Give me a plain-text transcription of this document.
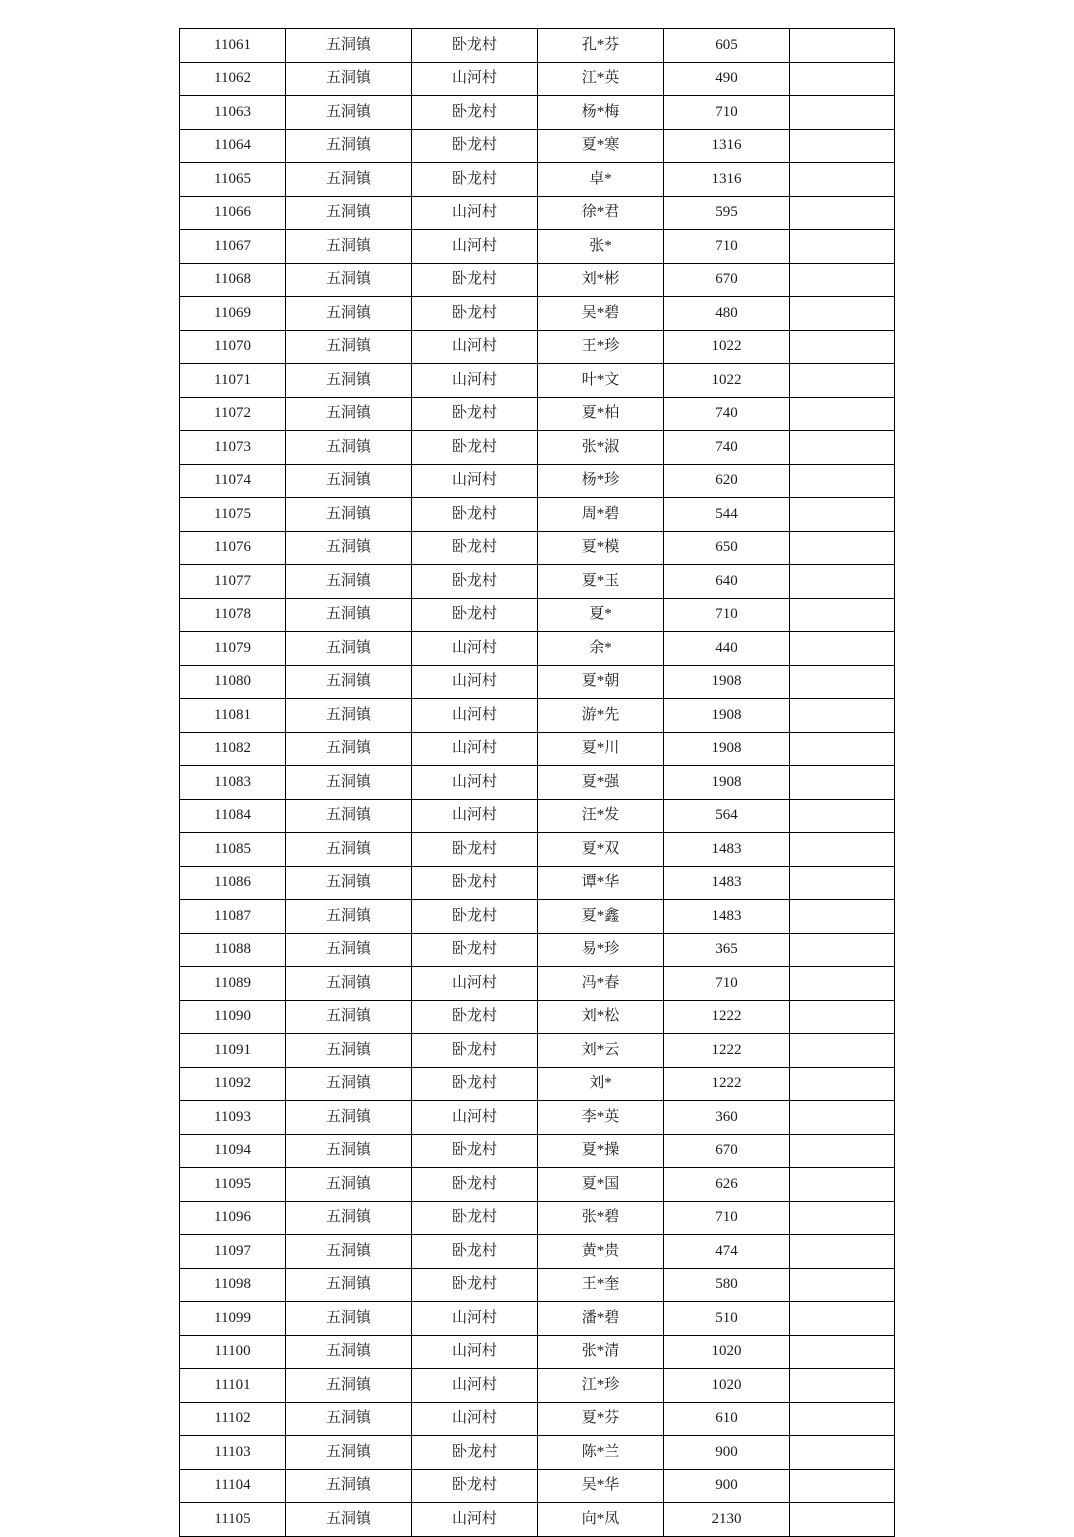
11061	五洞镇	卧龙村	孔*芬	605	
11062	五洞镇	山河村	江*英	490	
11063	五洞镇	卧龙村	杨*梅	710	
11064	五洞镇	卧龙村	夏*寒	1316	
11065	五洞镇	卧龙村	卓*	1316	
11066	五洞镇	山河村	徐*君	595	
11067	五洞镇	山河村	张*	710	
11068	五洞镇	卧龙村	刘*彬	670	
11069	五洞镇	卧龙村	吴*碧	480	
11070	五洞镇	山河村	王*珍	1022	
11071	五洞镇	山河村	叶*文	1022	
11072	五洞镇	卧龙村	夏*柏	740	
11073	五洞镇	卧龙村	张*淑	740	
11074	五洞镇	山河村	杨*珍	620	
11075	五洞镇	卧龙村	周*碧	544	
11076	五洞镇	卧龙村	夏*模	650	
11077	五洞镇	卧龙村	夏*玉	640	
11078	五洞镇	卧龙村	夏*	710	
11079	五洞镇	山河村	余*	440	
11080	五洞镇	山河村	夏*朝	1908	
11081	五洞镇	山河村	游*先	1908	
11082	五洞镇	山河村	夏*川	1908	
11083	五洞镇	山河村	夏*强	1908	
11084	五洞镇	山河村	汪*发	564	
11085	五洞镇	卧龙村	夏*双	1483	
11086	五洞镇	卧龙村	谭*华	1483	
11087	五洞镇	卧龙村	夏*鑫	1483	
11088	五洞镇	卧龙村	易*珍	365	
11089	五洞镇	山河村	冯*春	710	
11090	五洞镇	卧龙村	刘*松	1222	
11091	五洞镇	卧龙村	刘*云	1222	
11092	五洞镇	卧龙村	刘*	1222	
11093	五洞镇	山河村	李*英	360	
11094	五洞镇	卧龙村	夏*操	670	
11095	五洞镇	卧龙村	夏*国	626	
11096	五洞镇	卧龙村	张*碧	710	
11097	五洞镇	卧龙村	黄*贵	474	
11098	五洞镇	卧龙村	王*奎	580	
11099	五洞镇	山河村	潘*碧	510	
11100	五洞镇	山河村	张*清	1020	
11101	五洞镇	山河村	江*珍	1020	
11102	五洞镇	山河村	夏*芬	610	
11103	五洞镇	卧龙村	陈*兰	900	
11104	五洞镇	卧龙村	吴*华	900	
11105	五洞镇	山河村	向*凤	2130	
